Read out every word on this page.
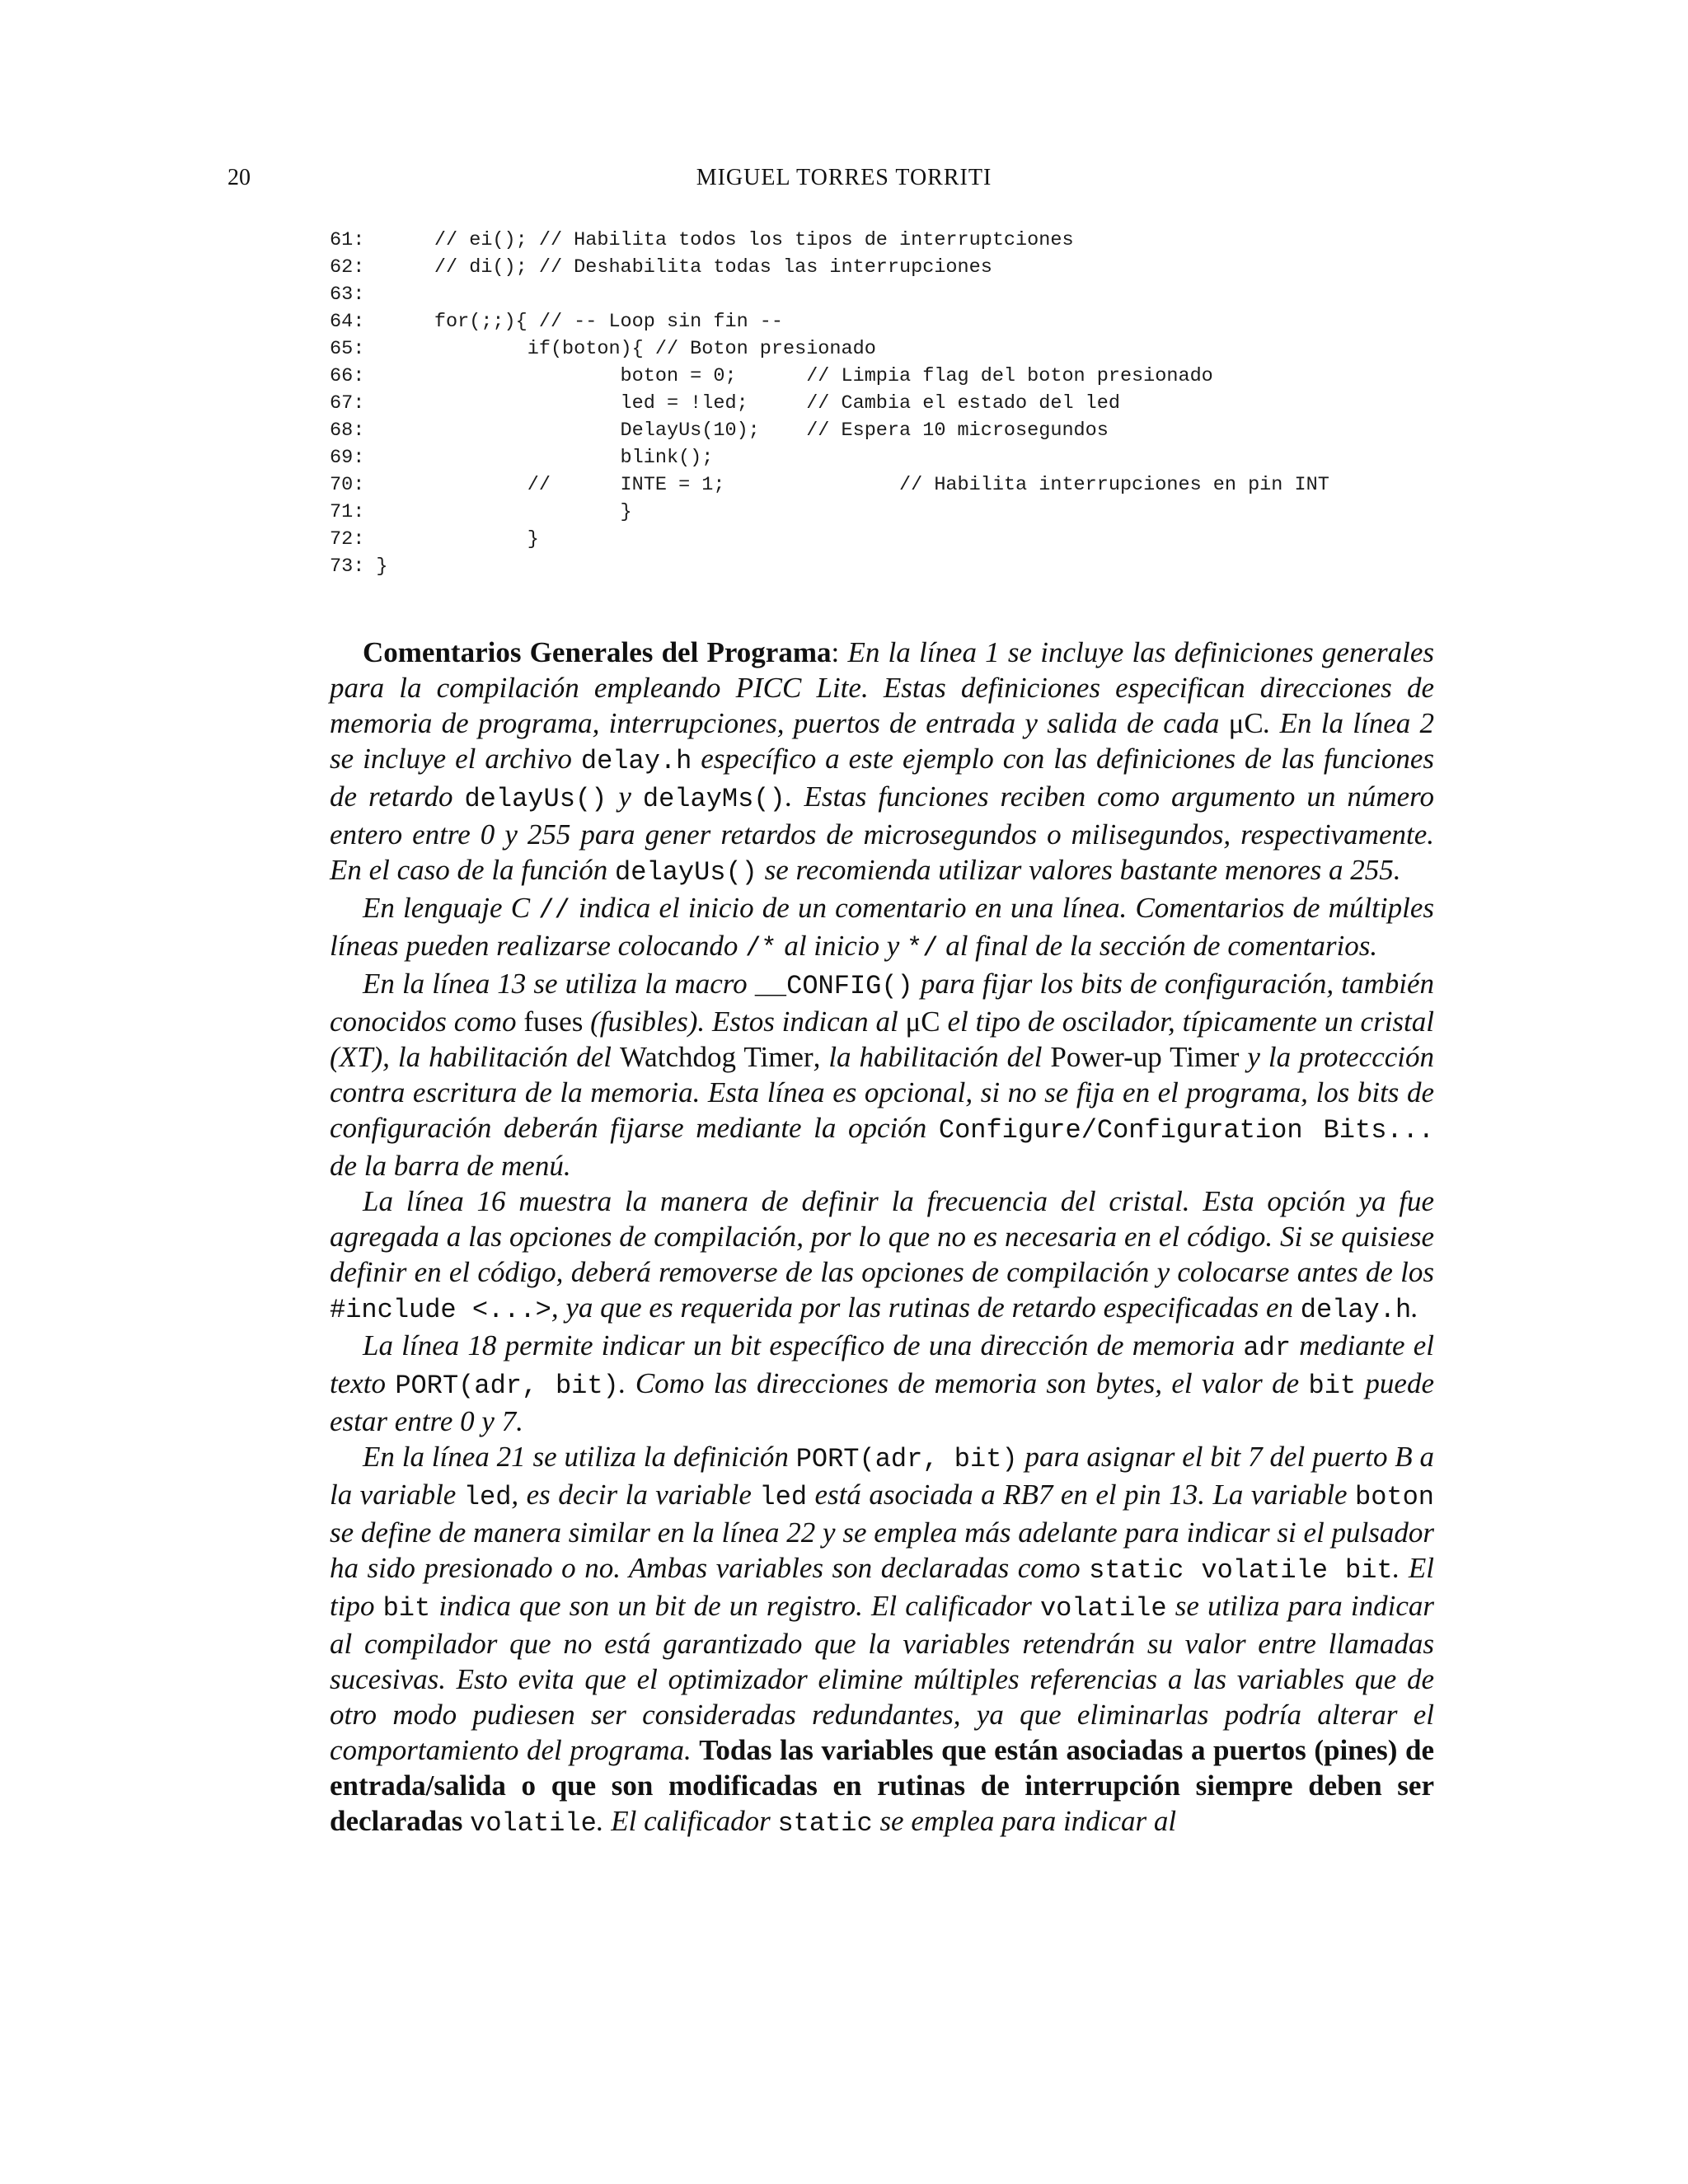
20	MIGUEL TORRES TORRITI
61:      // ei(); // Habilita todos los tipos de interruptciones
62:      // di(); // Deshabilita todas las interrupciones
63:
64:      for(;;){ // -- Loop sin fin --
65:              if(boton){ // Boton presionado
66:                      boton = 0;      // Limpia flag del boton presionado
67:                      led = !led;     // Cambia el estado del led
68:                      DelayUs(10);    // Espera 10 microsegundos
69:                      blink();
70:              //      INTE = 1;               // Habilita interrupciones en pin INT
71:                      }
72:              }
73: }

Comentarios Generales del Programa: En la línea 1 se incluye las definiciones generales para la compilación empleando PICC Lite. Estas definiciones especifican direcciones de memoria de programa, interrupciones, puertos de entrada y salida de cada μC. En la línea 2 se incluye el archivo delay.h específico a este ejemplo con las definiciones de las funciones de retardo delayUs() y delayMs(). Estas funciones reciben como argumento un número entero entre 0 y 255 para gener retardos de microsegundos o milisegundos, respectivamente. En el caso de la función delayUs() se recomienda utilizar valores bastante menores a 255.

En lenguaje C // indica el inicio de un comentario en una línea. Comentarios de múltiples líneas pueden realizarse colocando /* al inicio y */ al final de la sección de comentarios.

En la línea 13 se utiliza la macro __CONFIG() para fijar los bits de configuración, también conocidos como fuses (fusibles). Estos indican al μC el tipo de oscilador, típicamente un cristal (XT), la habilitación del Watchdog Timer, la habilitación del Power-up Timer y la proteccción contra escritura de la memoria. Esta línea es opcional, si no se fija en el programa, los bits de configuración deberán fijarse mediante la opción Configure/Configuration Bits... de la barra de menú.

La línea 16 muestra la manera de definir la frecuencia del cristal. Esta opción ya fue agregada a las opciones de compilación, por lo que no es necesaria en el código. Si se quisiese definir en el código, deberá removerse de las opciones de compilación y colocarse antes de los #include <...>, ya que es requerida por las rutinas de retardo especificadas en delay.h.

La línea 18 permite indicar un bit específico de una dirección de memoria adr mediante el texto PORT(adr, bit). Como las direcciones de memoria son bytes, el valor de bit puede estar entre 0 y 7.

En la línea 21 se utiliza la definición PORT(adr, bit) para asignar el bit 7 del puerto B a la variable led, es decir la variable led está asociada a RB7 en el pin 13. La variable boton se define de manera similar en la línea 22 y se emplea más adelante para indicar si el pulsador ha sido presionado o no. Ambas variables son declaradas como static volatile bit. El tipo bit indica que son un bit de un registro. El calificador volatile se utiliza para indicar al compilador que no está garantizado que la variables retendrán su valor entre llamadas sucesivas. Esto evita que el optimizador elimine múltiples referencias a las variables que de otro modo pudiesen ser consideradas redundantes, ya que eliminarlas podría alterar el comportamiento del programa. Todas las variables que están asociadas a puertos (pines) de entrada/salida o que son modificadas en rutinas de interrupción siempre deben ser declaradas volatile. El calificador static se emplea para indicar al
